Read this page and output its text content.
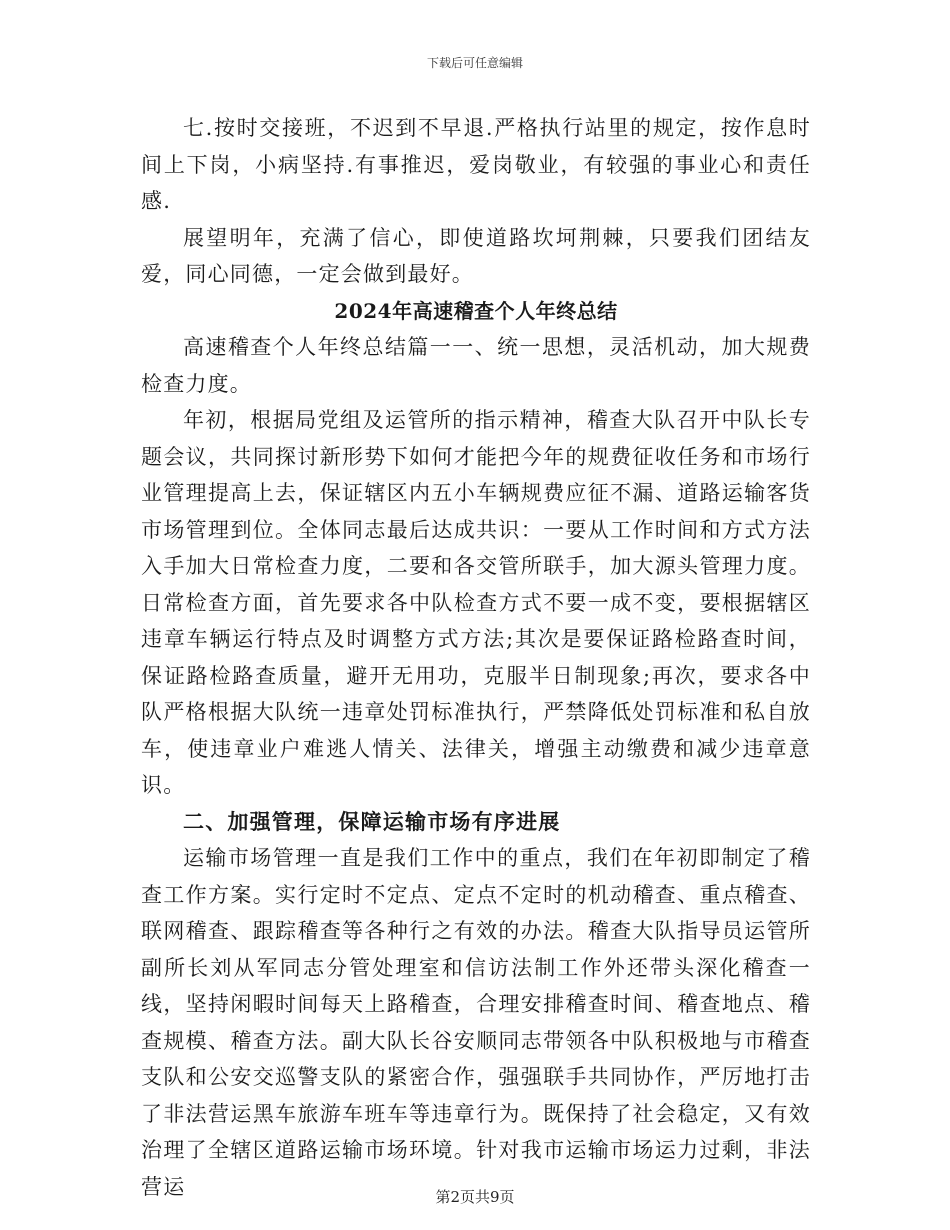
下载后可任意编辑

七.按时交接班，不迟到不早退.严格执行站里的规定，按作息时间上下岗，小病坚持.有事推迟，爱岗敬业，有较强的事业心和责任感.

展望明年，充满了信心，即使道路坎坷荆棘，只要我们团结友爱，同心同德，一定会做到最好。

2024年高速稽查个人年终总结

高速稽查个人年终总结篇一一、统一思想，灵活机动，加大规费检查力度。

年初，根据局党组及运管所的指示精神，稽查大队召开中队长专题会议，共同探讨新形势下如何才能把今年的规费征收任务和市场行业管理提高上去，保证辖区内五小车辆规费应征不漏、道路运输客货市场管理到位。全体同志最后达成共识：一要从工作时间和方式方法入手加大日常检查力度，二要和各交管所联手，加大源头管理力度。日常检查方面，首先要求各中队检查方式不要一成不变，要根据辖区违章车辆运行特点及时调整方式方法;其次是要保证路检路查时间，保证路检路查质量，避开无用功，克服半日制现象;再次，要求各中队严格根据大队统一违章处罚标准执行，严禁降低处罚标准和私自放车，使违章业户难逃人情关、法律关，增强主动缴费和减少违章意识。

二、加强管理，保障运输市场有序进展

运输市场管理一直是我们工作中的重点，我们在年初即制定了稽查工作方案。实行定时不定点、定点不定时的机动稽查、重点稽查、联网稽查、跟踪稽查等各种行之有效的办法。稽查大队指导员运管所副所长刘从军同志分管处理室和信访法制工作外还带头深化稽查一线，坚持闲暇时间每天上路稽查，合理安排稽查时间、稽查地点、稽查规模、稽查方法。副大队长谷安顺同志带领各中队积极地与市稽查支队和公安交巡警支队的紧密合作，强强联手共同协作，严厉地打击了非法营运黑车旅游车班车等违章行为。既保持了社会稳定，又有效治理了全辖区道路运输市场环境。针对我市运输市场运力过剩，非法营运	第2页共9页
